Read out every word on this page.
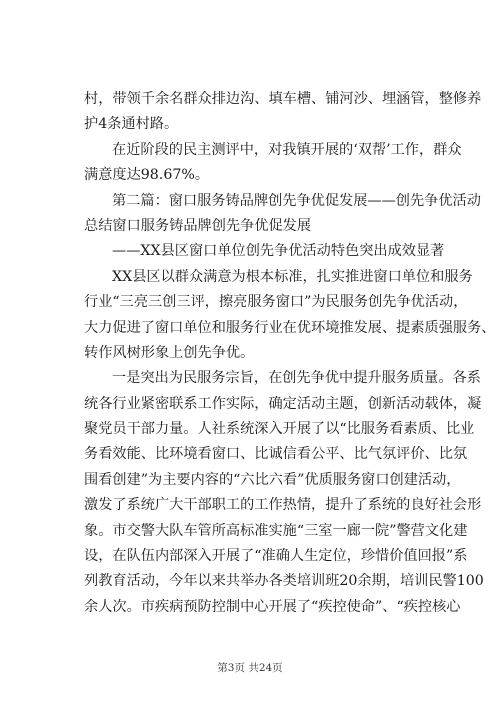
村，带领千余名群众排边沟、填车槽、铺河沙、埋涵管，整修养
护4条通村路。
在近阶段的民主测评中，对我镇开展的‘双帮’工作，群众
满意度达98.67%。
第二篇：窗口服务铸品牌创先争优促发展——创先争优活动
总结窗口服务铸品牌创先争优促发展
——XX县区窗口单位创先争优活动特色突出成效显著
XX县区以群众满意为根本标准，扎实推进窗口单位和服务
行业“三亮三创三评，擦亮服务窗口”为民服务创先争优活动，
大力促进了窗口单位和服务行业在优环境推发展、提素质强服务、
转作风树形象上创先争优。
一是突出为民服务宗旨，在创先争优中提升服务质量。各系
统各行业紧密联系工作实际，确定活动主题，创新活动载体，凝
聚党员干部力量。人社系统深入开展了以“比服务看素质、比业
务看效能、比环境看窗口、比诚信看公平、比气氛评价、比氛
围看创建”为主要内容的“六比六看”优质服务窗口创建活动，
激发了系统广大干部职工的工作热情，提升了系统的良好社会形
象。市交警大队车管所高标准实施“三室一廊一院”警营文化建
设，在队伍内部深入开展了“准确人生定位，珍惜价值回报”系
列教育活动，今年以来共举办各类培训班20余期，培训民警100
余人次。市疾病预防控制中心开展了“疾控使命”、“疾控核心
第3页 共24页
